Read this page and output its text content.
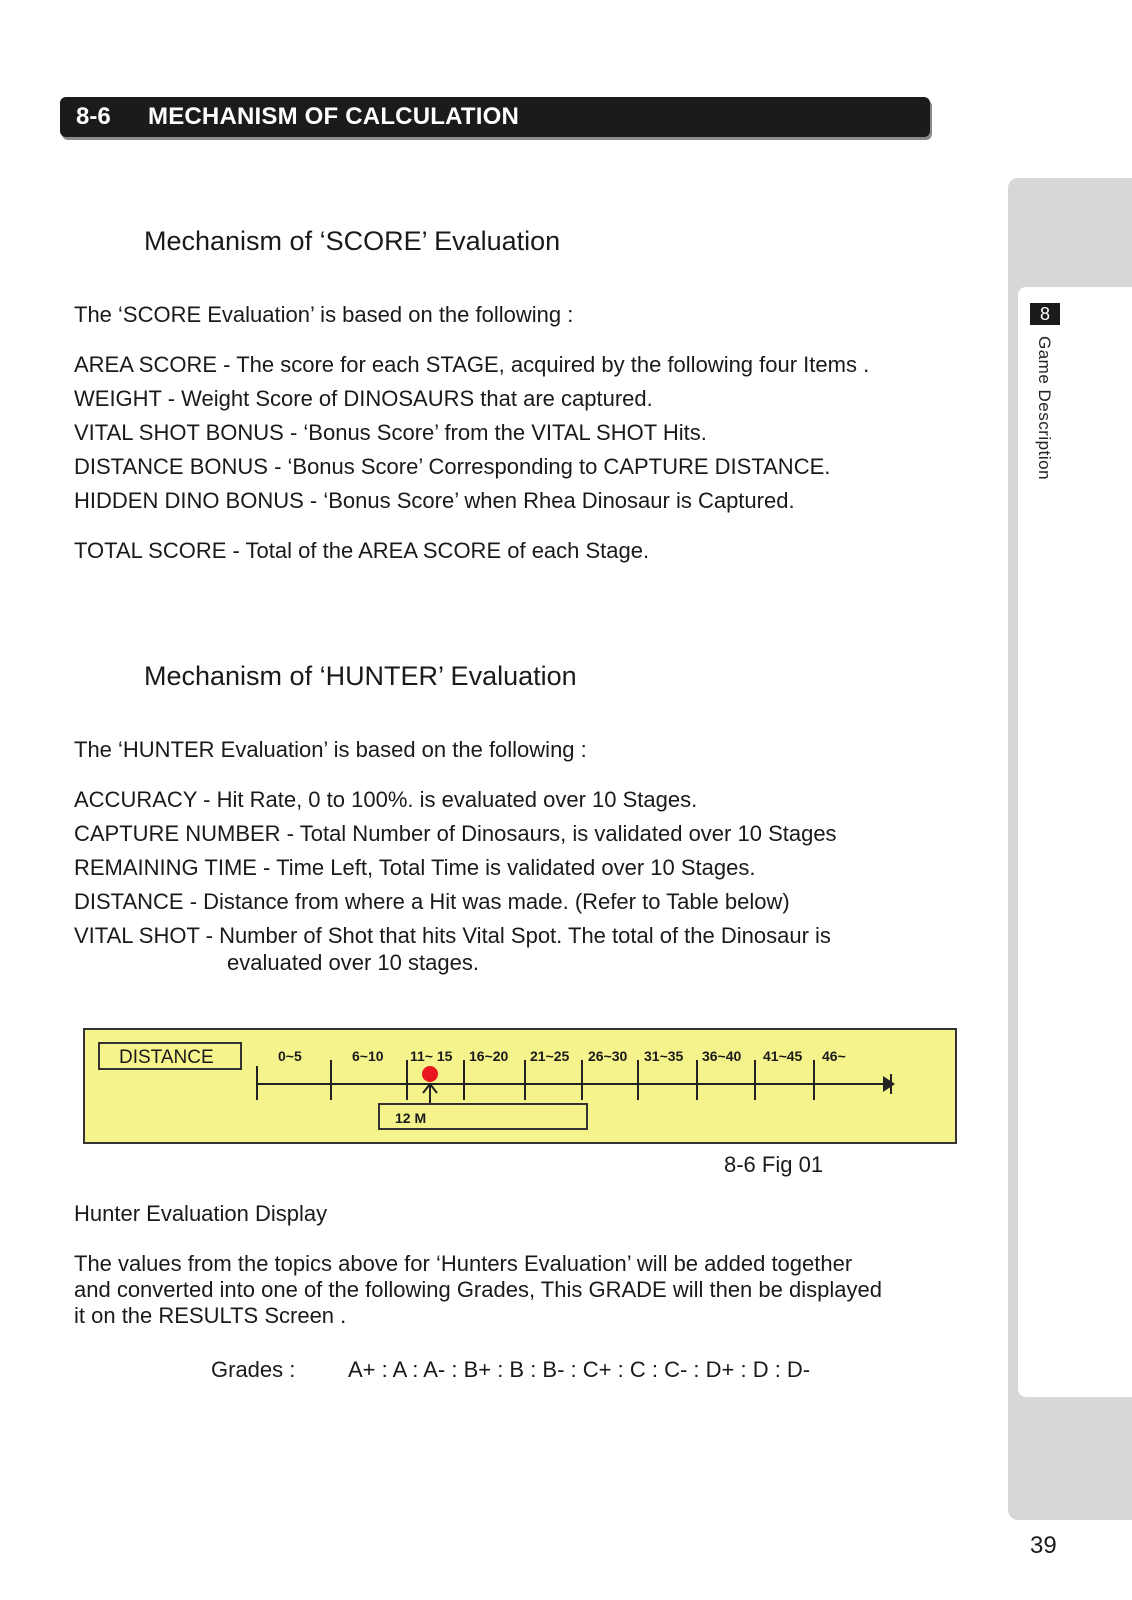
8-6 MECHANISM OF CALCULATION
8
Game Description
Mechanism of ‘SCORE’ Evaluation
The ‘SCORE Evaluation’ is based on the following :
AREA SCORE - The score for each STAGE, acquired by the following four Items .
WEIGHT - Weight Score of DINOSAURS that are captured.
VITAL SHOT BONUS - ‘Bonus Score’ from the VITAL SHOT Hits.
DISTANCE BONUS - ‘Bonus Score’ Corresponding to CAPTURE DISTANCE.
HIDDEN DINO BONUS - ‘Bonus Score’ when Rhea Dinosaur is Captured.
TOTAL SCORE - Total of the AREA SCORE of each Stage.
Mechanism of ‘HUNTER’ Evaluation
The ‘HUNTER Evaluation’ is based on the following :
ACCURACY - Hit Rate, 0 to 100%. is evaluated over 10 Stages.
CAPTURE NUMBER - Total Number of Dinosaurs, is validated over 10 Stages
REMAINING TIME - Time Left, Total Time is validated over 10 Stages.
DISTANCE - Distance from where a Hit was made. (Refer to Table below)
VITAL SHOT - Number of Shot that hits Vital Spot. The total of the Dinosaur is
evaluated over 10 stages.
DISTANCE	0~5	6~10 11~ 15 16~20 21~25 26~30 31~35 36~40 41~45 46~
12 M
8-6 Fig 01
Hunter Evaluation Display
The values from the topics above for ‘Hunters Evaluation’ will be added together
and converted into one of the following Grades, This GRADE will then be displayed
it on the RESULTS Screen .
Grades : A+ : A : A- : B+ : B : B- : C+ : C : C- : D+ : D : D-
39
